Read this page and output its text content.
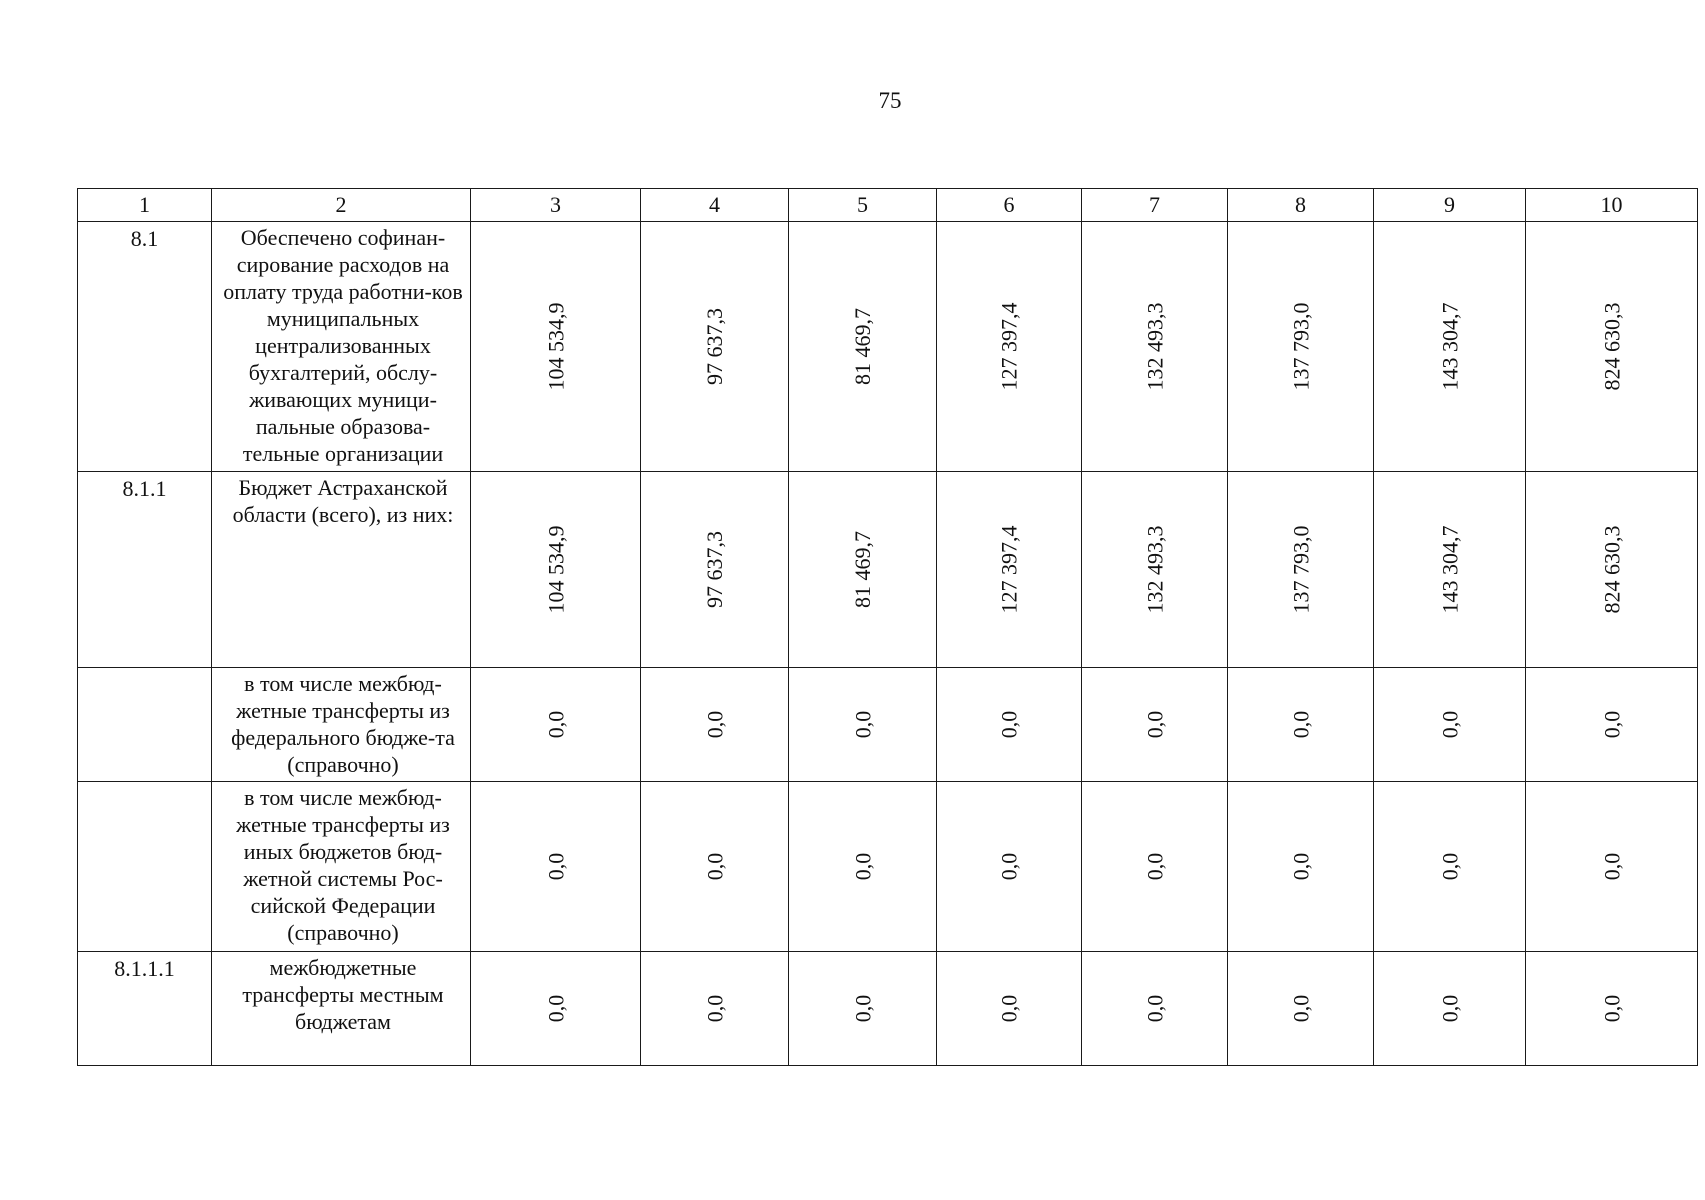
75
1	2	3	4	5	6	7	8	9	10
8.1	Обеспечено софинан-сирование расходов на оплату труда работни-ков муниципальных централизованных бухгалтерий, обслу-живающих муници-пальные образова-тельные организации	104 534,9	97 637,3	81 469,7	127 397,4	132 493,3	137 793,0	143 304,7	824 630,3
8.1.1	Бюджет Астраханской области (всего), из них:	104 534,9	97 637,3	81 469,7	127 397,4	132 493,3	137 793,0	143 304,7	824 630,3
	в том числе межбюд-жетные трансферты из федерального бюдже-та (справочно)	0,0	0,0	0,0	0,0	0,0	0,0	0,0	0,0
	в том числе межбюд-жетные трансферты из иных бюджетов бюд-жетной системы Рос-сийской Федерации (справочно)	0,0	0,0	0,0	0,0	0,0	0,0	0,0	0,0
8.1.1.1	межбюджетные трансферты местным бюджетам	0,0	0,0	0,0	0,0	0,0	0,0	0,0	0,0
